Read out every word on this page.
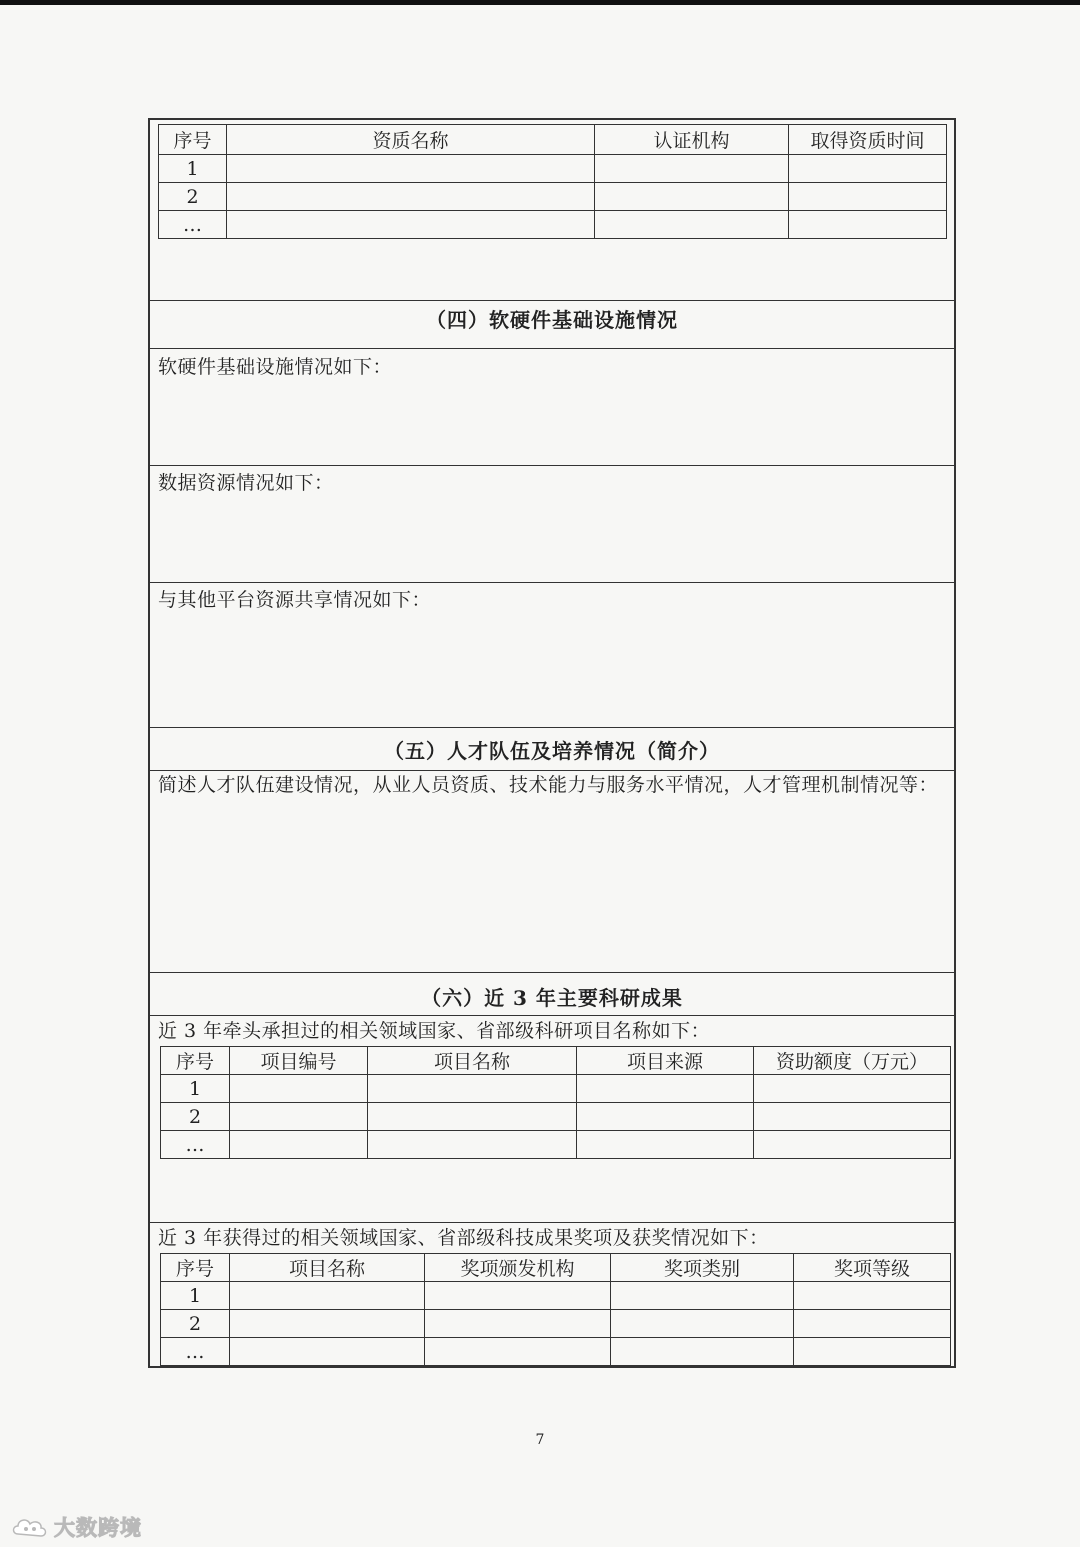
序号	资质名称	认证机构	取得资质时间
1			
2			
…			
（四）软硬件基础设施情况
软硬件基础设施情况如下：
数据资源情况如下：
与其他平台资源共享情况如下：
（五）人才队伍及培养情况（简介）
简述人才队伍建设情况，从业人员资质、技术能力与服务水平情况，人才管理机制情况等：
（六）近 3 年主要科研成果
近 3 年牵头承担过的相关领域国家、省部级科研项目名称如下：
序号	项目编号	项目名称	项目来源	资助额度（万元）
1				
2				
…				
近 3 年获得过的相关领域国家、省部级科技成果奖项及获奖情况如下：
序号	项目名称	奖项颁发机构	奖项类别	奖项等级
1				
2				
…				
7
大数跨境
